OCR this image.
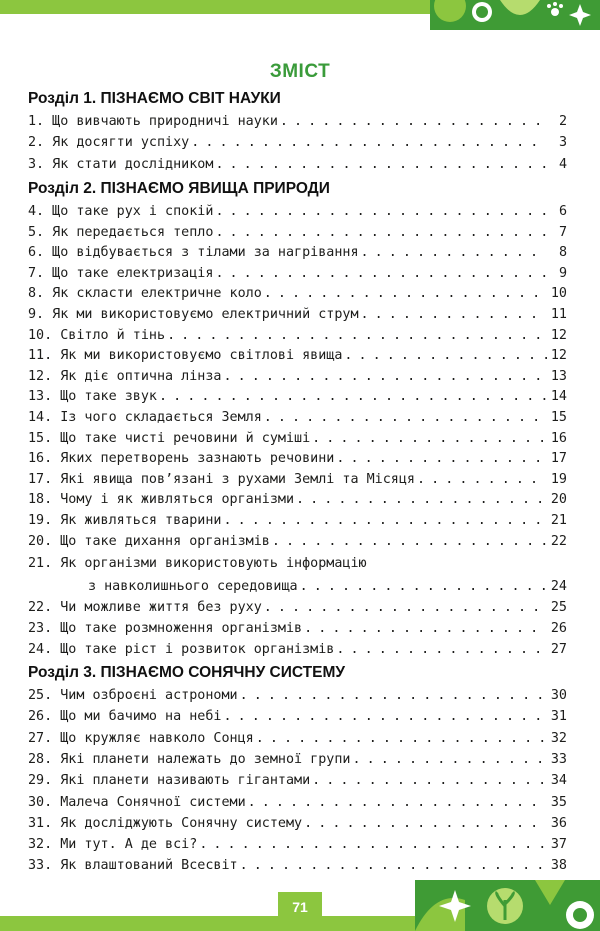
ЗМІСТ
Розділ 1. ПІЗНАЄМО СВІТ НАУКИ
1. Що вивчають природничі науки . . .	2
2. Як досягти успіху . . .	3
3. Як стати дослідником . . .	4
Розділ 2. ПІЗНАЄМО ЯВИЩА ПРИРОДИ
4. Що таке рух і спокій . . .	6
5. Як передається тепло . . .	7
6. Що відбувається з тілами за нагрівання . . .	8
7. Що таке електризація . . .	9
8. Як скласти електричне коло . . .	10
9. Як ми використовуємо електричний струм . . .	11
10. Світло й тінь . . .	12
11. Як ми використовуємо світлові явища . . .	12
12. Як діє оптична лінза . . .	13
13. Що таке звук . . .	14
14. Із чого складається Земля . . .	15
15. Що таке чисті речовини й суміші . . .	16
16. Яких перетворень зазнають речовини . . .	17
17. Які явища пов’язані з рухами Землі та Місяця . . .	19
18. Чому і як живляться організми . . .	20
19. Як живляться тварини . . .	21
20. Що таке дихання організмів . . .	22
21. Як організми використовують інформацію
з навколишнього середовища . . .	24
22. Чи можливе життя без руху . . .	25
23. Що таке розмноження організмів . . .	26
24. Що таке ріст і розвиток організмів . . .	27
Розділ 3. ПІЗНАЄМО СОНЯЧНУ СИСТЕМУ
25. Чим озброєні астрономи . . .	30
26. Що ми бачимо на небі . . .	31
27. Що кружляє навколо Сонця . . .	32
28. Які планети належать до земної групи . . .	33
29. Які планети називають гігантами . . .	34
30. Малеча Сонячної системи . . .	35
31. Як досліджують Сонячну систему . . .	36
32. Ми тут. А де всі? . . .	37
33. Як влаштований Всесвіт . . .	38
71
